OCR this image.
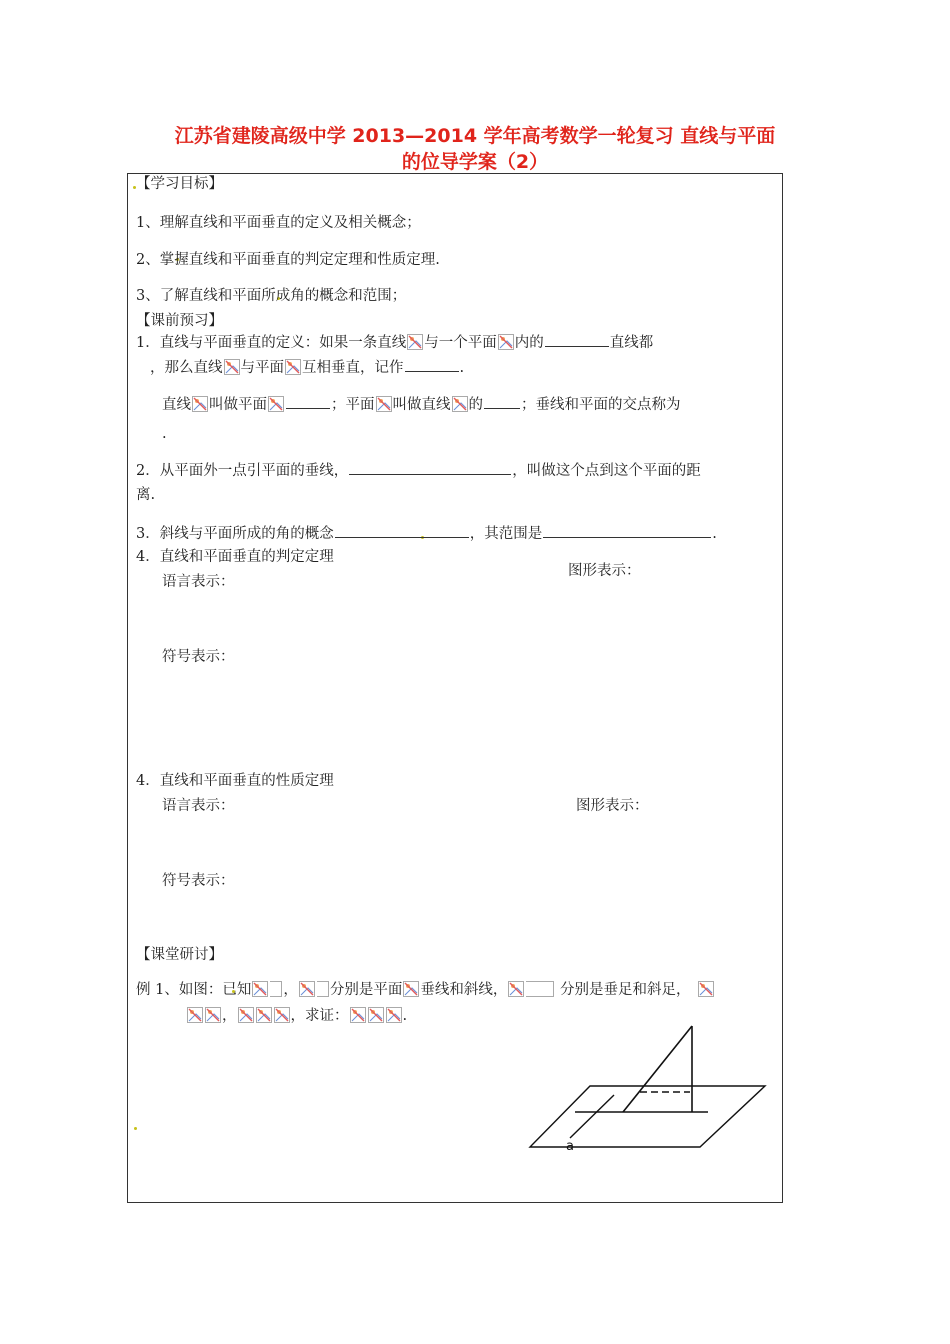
江苏省建陵高级中学 2013—2014 学年高考数学一轮复习 直线与平面
的位导学案（2）
【学习目标】
1、理解直线和平面垂直的定义及相关概念；
2、掌握直线和平面垂直的判定定理和性质定理.
3、了解直线和平面所成角的概念和范围；
【课前预习】
1．直线与平面垂直的定义：如果一条直线 与一个平面 内的	直线都
，那么直线 与平面 互相垂直，记作	.
直线 叫做平面	；平面 叫做直线 的	；垂线和平面的交点称为
.
2．从平面外一点引平面的垂线，	，叫做这个点到这个平面的距
离.
3．斜线与平面所成的角的概念	，其范围是	.
4．直线和平面垂直的判定定理
图形表示：
语言表示：
符号表示：
4．直线和平面垂直的性质定理
语言表示：	图形表示：
符号表示：
【课堂研讨】
例 1、如图：已知 ， 分别是平面 垂线和斜线，	分别是垂足和斜足，
，	，求证：	.
a
